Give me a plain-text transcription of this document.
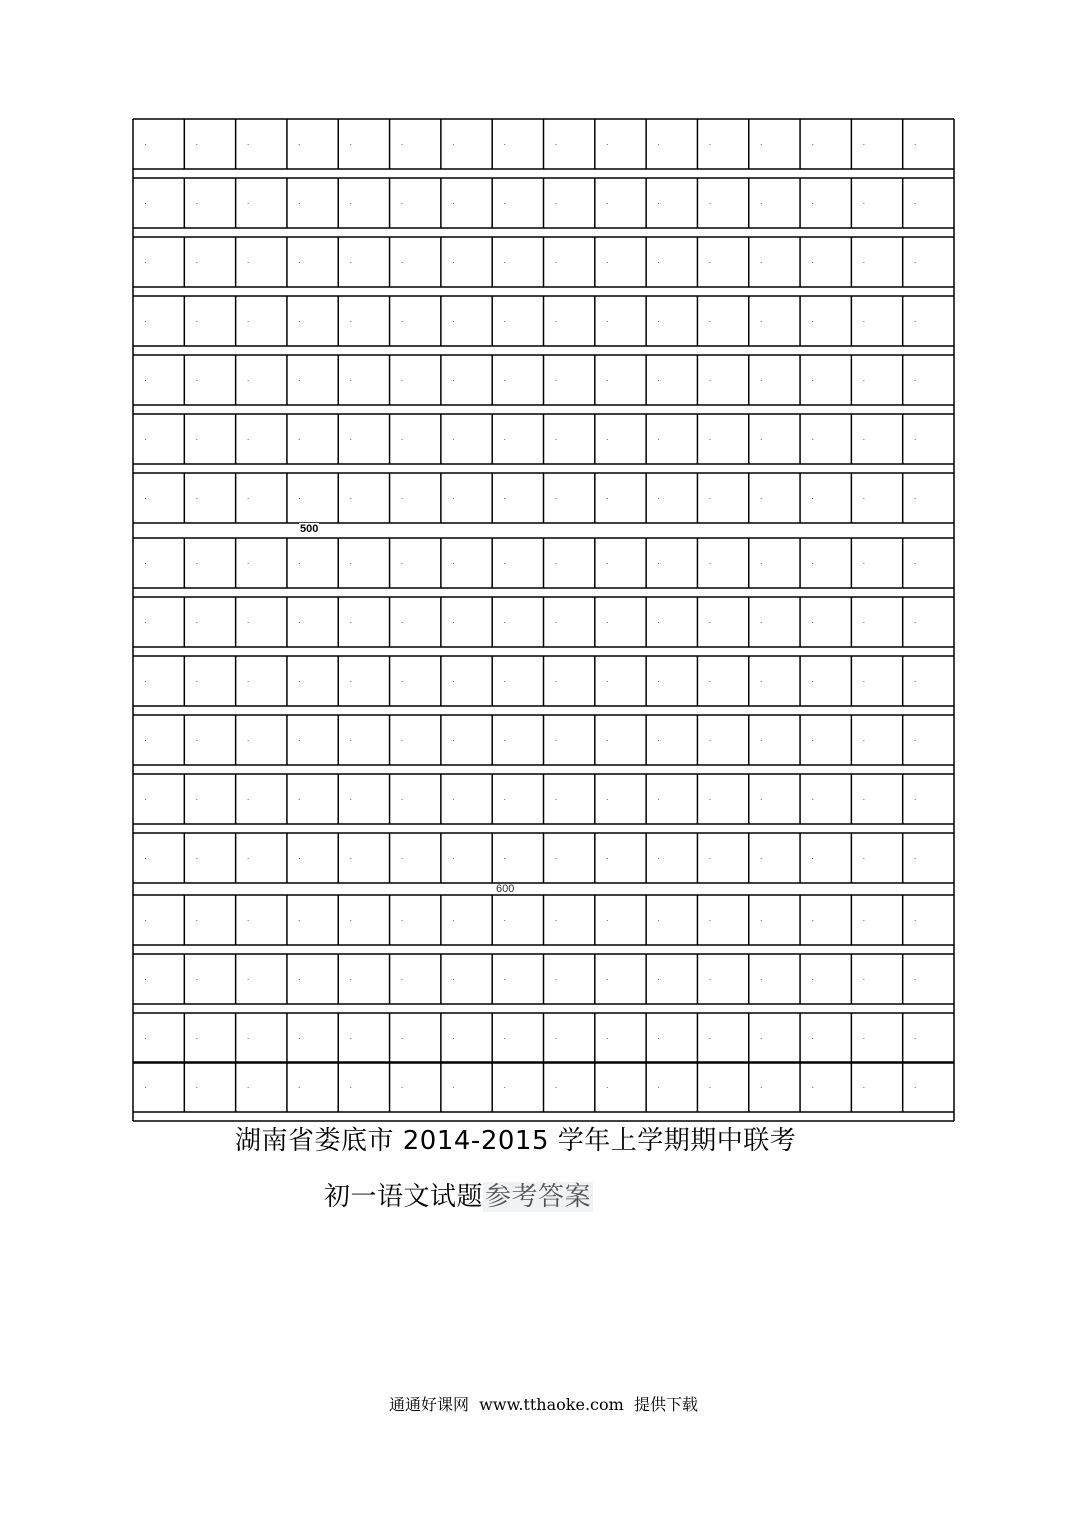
500
600
湖南省娄底市 2014-2015 学年上学期期中联考
初一语文试题参考答案
通通好课网  www.tthaoke.com  提供下载
